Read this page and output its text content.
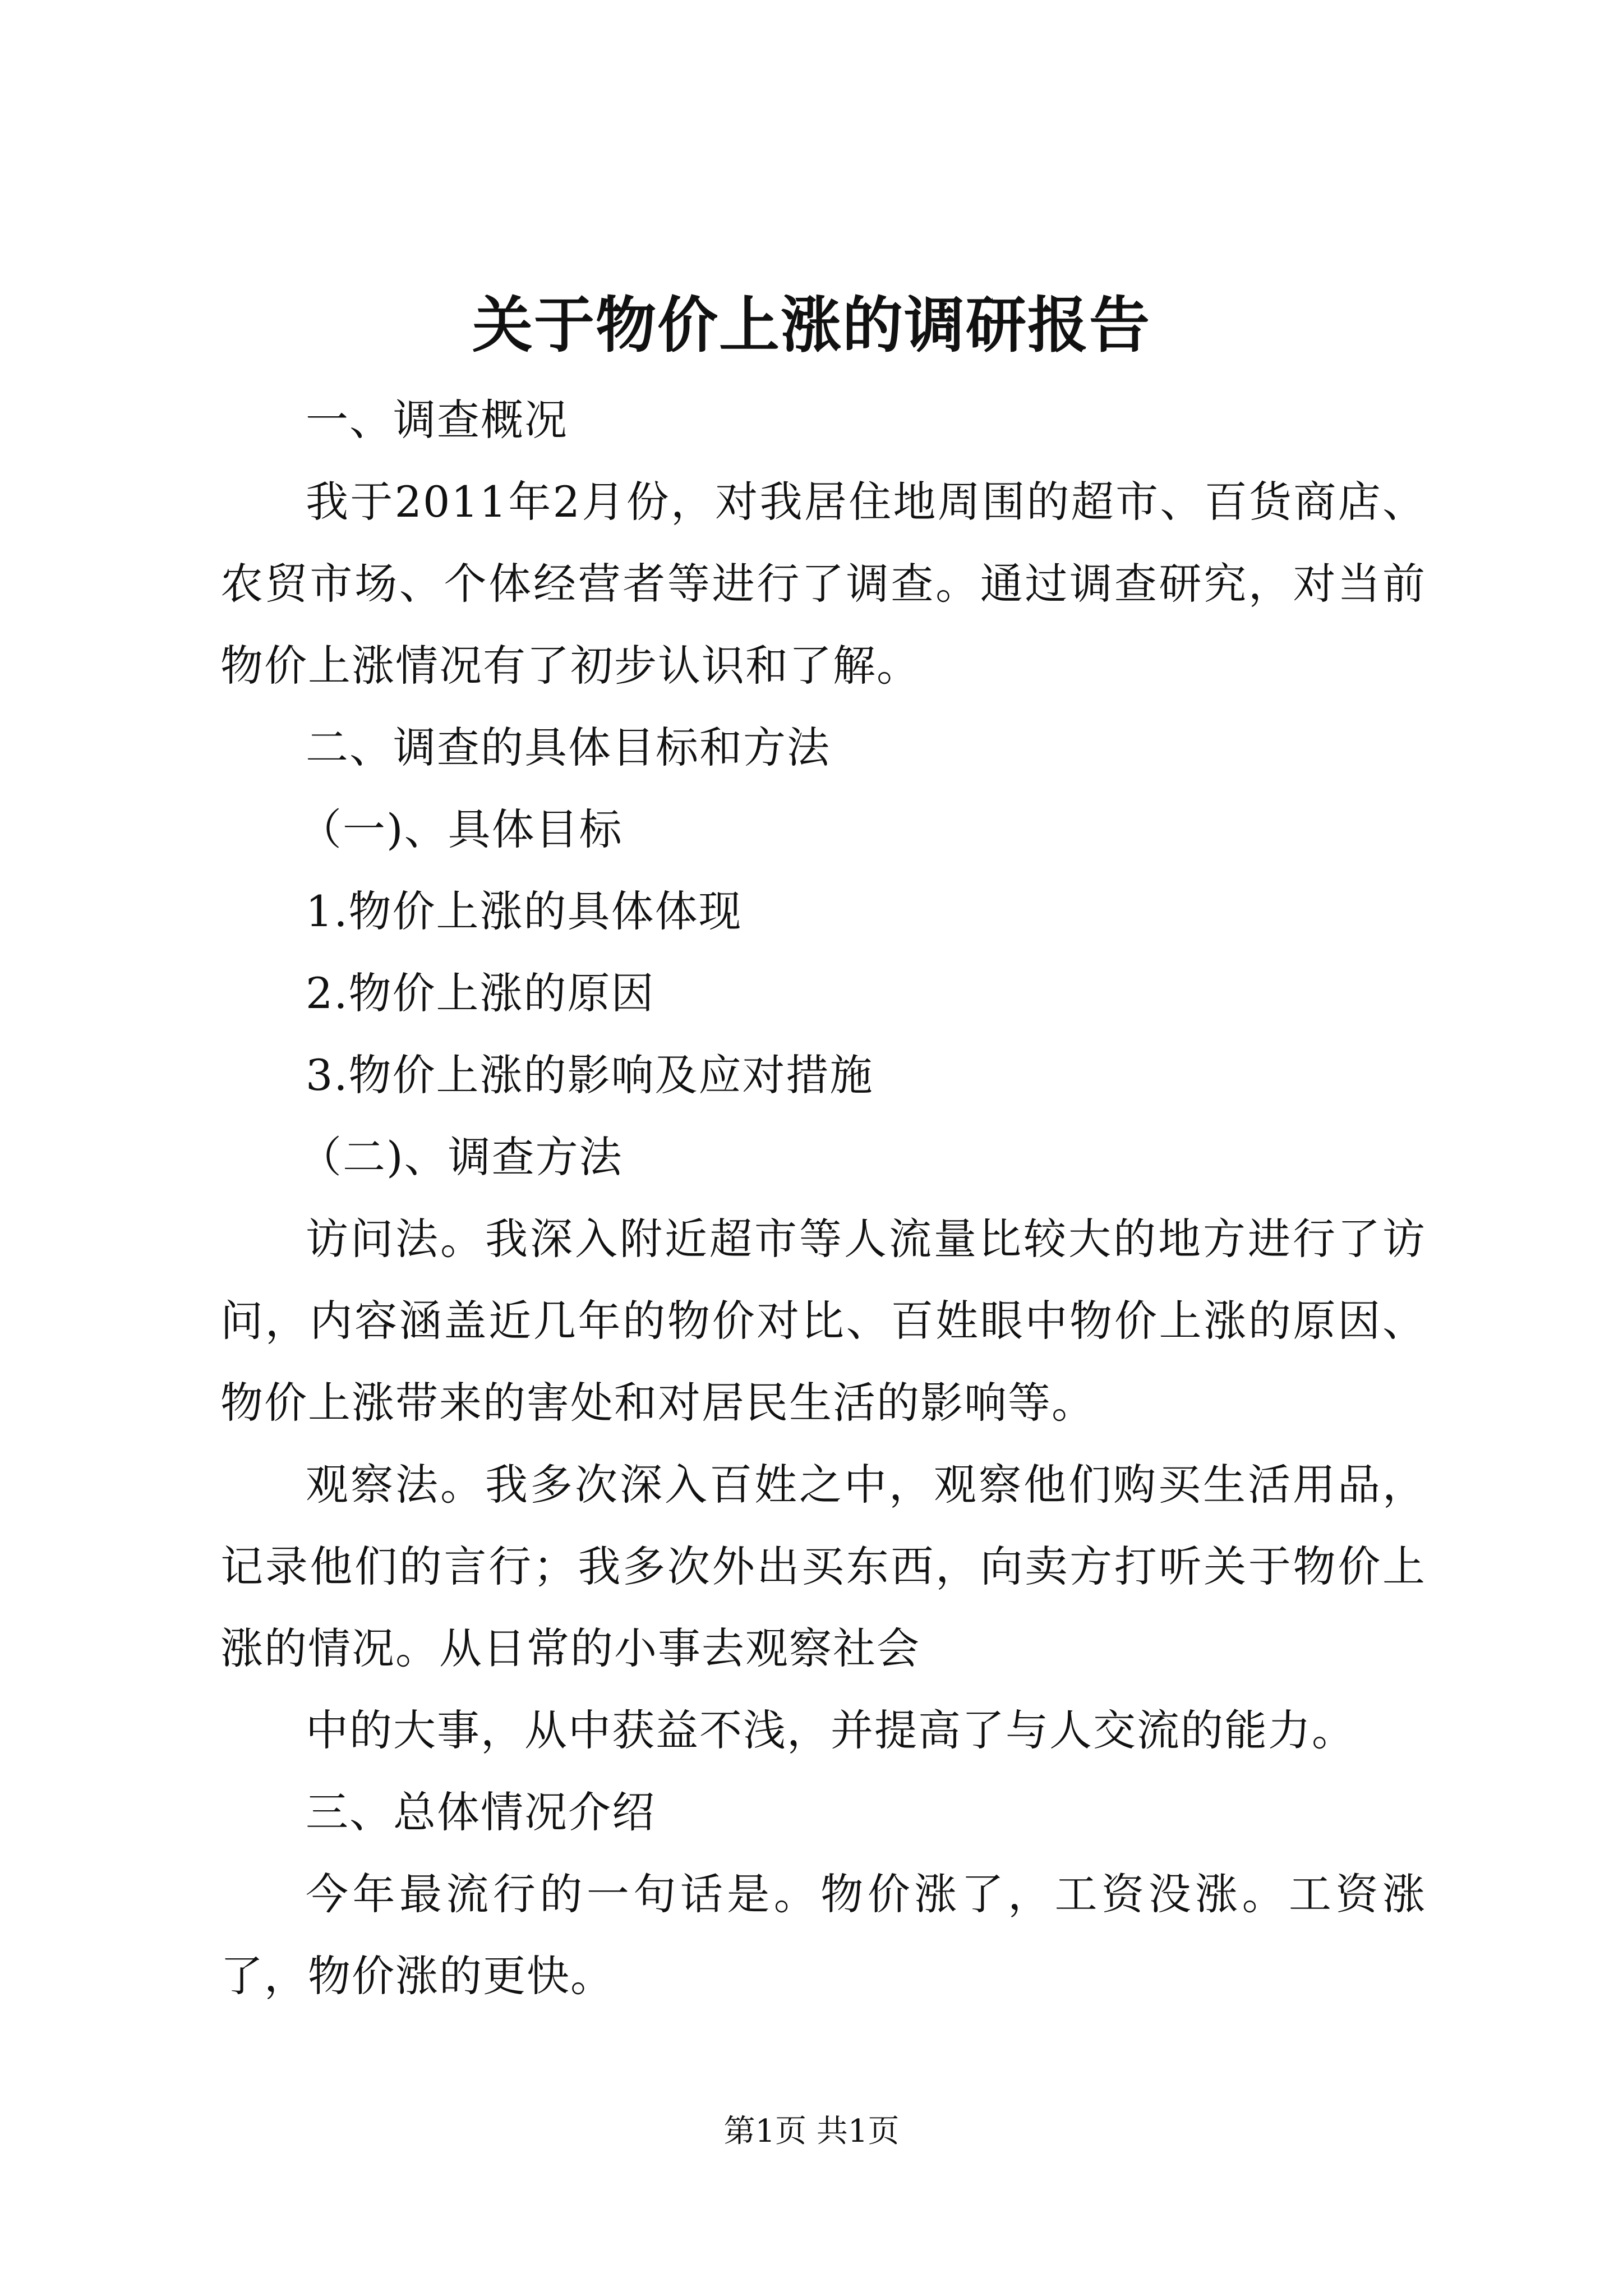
关于物价上涨的调研报告

一、调查概况

我于2011年2月份，对我居住地周围的超市、百货商店、农贸市场、个体经营者等进行了调查。通过调查研究，对当前物价上涨情况有了初步认识和了解。

二、调查的具体目标和方法

（一)、具体目标

1.物价上涨的具体体现

2.物价上涨的原因

3.物价上涨的影响及应对措施

（二)、调查方法

访问法。我深入附近超市等人流量比较大的地方进行了访问，内容涵盖近几年的物价对比、百姓眼中物价上涨的原因、物价上涨带来的害处和对居民生活的影响等。

观察法。我多次深入百姓之中，观察他们购买生活用品，记录他们的言行；我多次外出买东西，向卖方打听关于物价上涨的情况。从日常的小事去观察社会

中的大事，从中获益不浅，并提高了与人交流的能力。

三、总体情况介绍

今年最流行的一句话是。物价涨了，工资没涨。工资涨了，物价涨的更快。

第1页 共1页
